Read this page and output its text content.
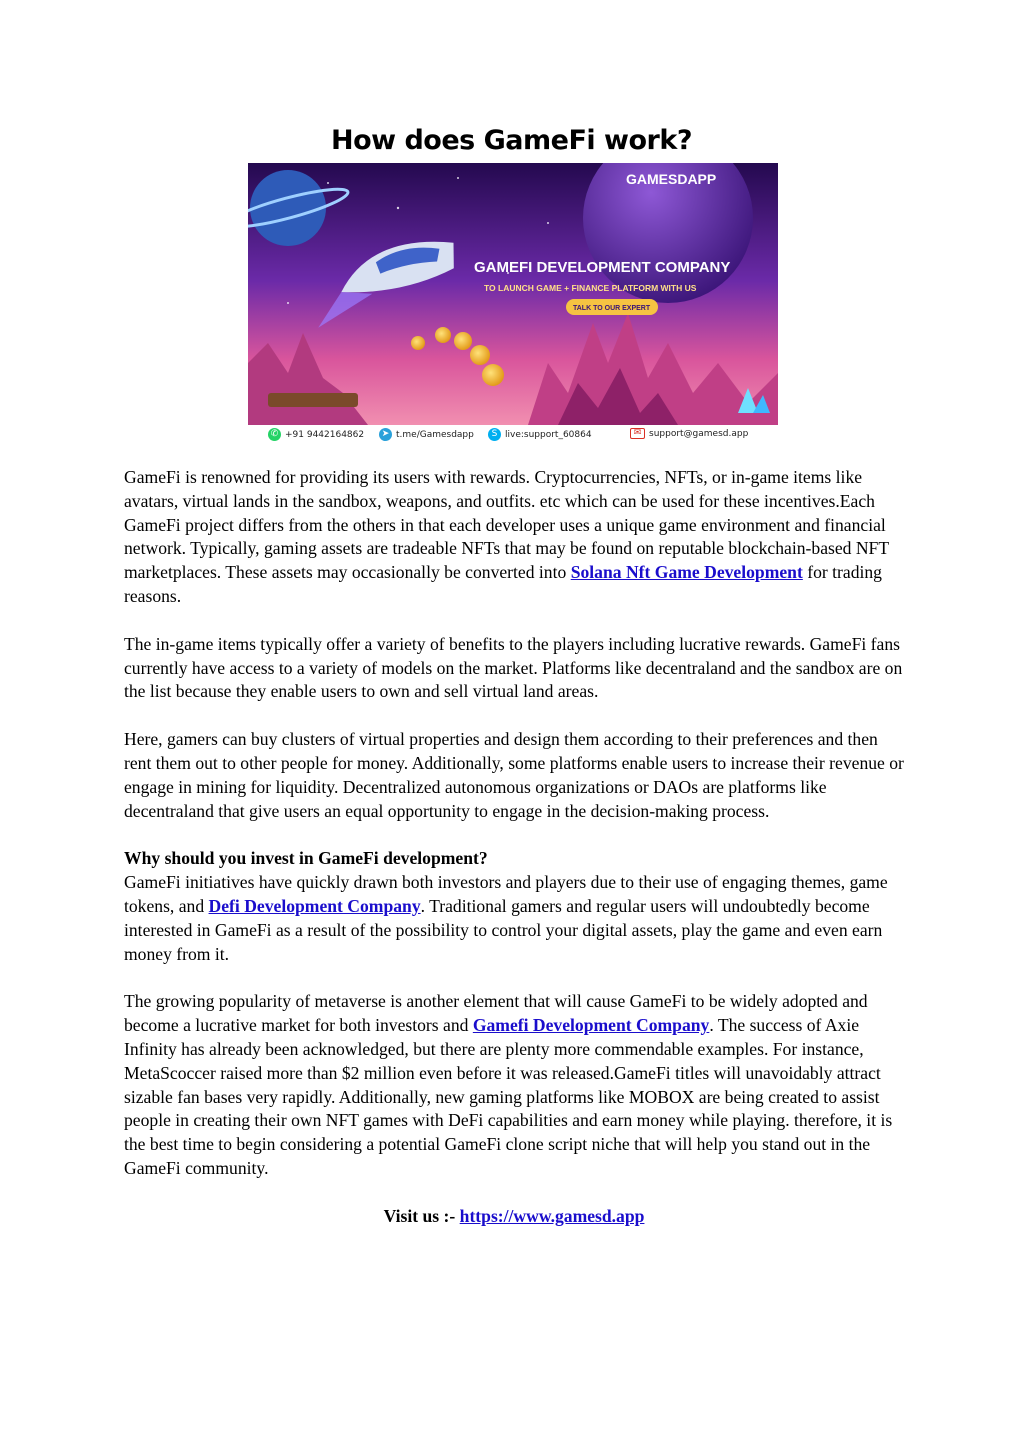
How does GameFi work?
GAMESDAPP
GAMEFI DEVELOPMENT COMPANY
TO LAUNCH GAME + FINANCE PLATFORM WITH US
TALK TO OUR EXPERT
✆ +91 9442164862	➤ t.me/Gamesdapp	S live:support_60864	✉ support@gamesd.app

GameFi is renowned for providing its users with rewards. Cryptocurrencies, NFTs, or in-game items like avatars, virtual lands in the sandbox, weapons, and outfits. etc which can be used for these incentives.Each GameFi project differs from the others in that each developer uses a unique game environment and financial network. Typically, gaming assets are tradeable NFTs that may be found on reputable blockchain-based NFT marketplaces. These assets may occasionally be converted into Solana Nft Game Development for trading reasons.

The in-game items typically offer a variety of benefits to the players including lucrative rewards. GameFi fans currently have access to a variety of models on the market. Platforms like decentraland and the sandbox are on the list because they enable users to own and sell virtual land areas.

Here, gamers can buy clusters of virtual properties and design them according to their preferences and then rent them out to other people for money. Additionally, some platforms enable users to increase their revenue or engage in mining for liquidity. Decentralized autonomous organizations or DAOs are platforms like decentraland that give users an equal opportunity to engage in the decision-making process.

Why should you invest in GameFi development?

GameFi initiatives have quickly drawn both investors and players due to their use of engaging themes, game tokens, and Defi Development Company. Traditional gamers and regular users will undoubtedly become interested in GameFi as a result of the possibility to control your digital assets, play the game and even earn money from it.

The growing popularity of metaverse is another element that will cause GameFi to be widely adopted and become a lucrative market for both investors and Gamefi Development Company. The success of Axie Infinity has already been acknowledged, but there are plenty more commendable examples. For instance, MetaScoccer raised more than $2 million even before it was released.GameFi titles will unavoidably attract sizable fan bases very rapidly. Additionally, new gaming platforms like MOBOX are being created to assist people in creating their own NFT games with DeFi capabilities and earn money while playing. therefore, it is the best time to begin considering a potential GameFi clone script niche that will help you stand out in the GameFi community.

Visit us :- https://www.gamesd.app
